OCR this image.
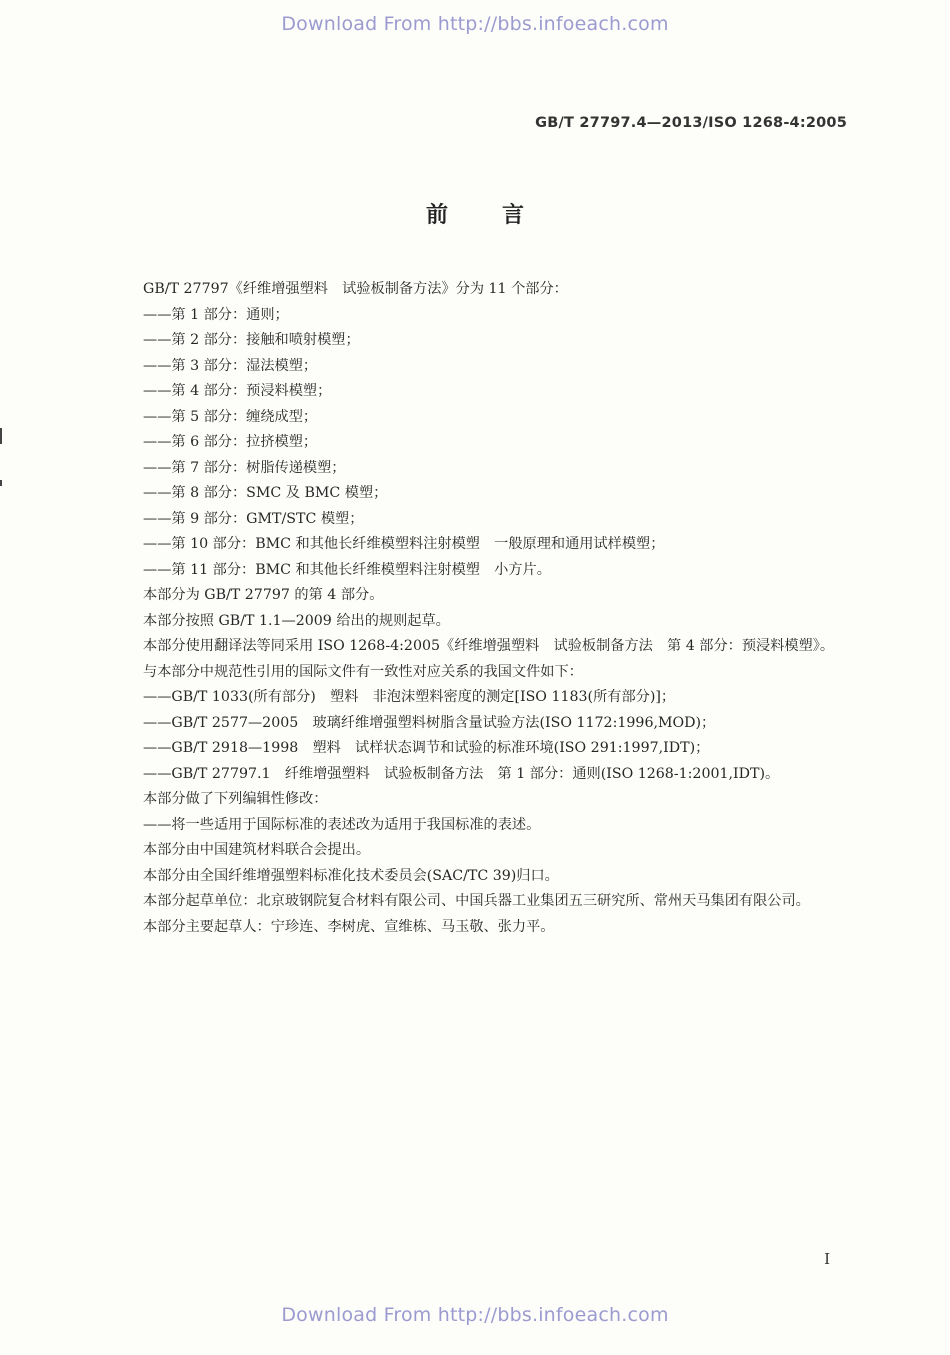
Download From http://bbs.infoeach.com
GB/T 27797.4—2013/ISO 1268-4:2005
前 言
GB/T 27797《纤维增强塑料　试验板制备方法》分为 11 个部分：
——第 1 部分：通则；
——第 2 部分：接触和喷射模塑；
——第 3 部分：湿法模塑；
——第 4 部分：预浸料模塑；
——第 5 部分：缠绕成型；
——第 6 部分：拉挤模塑；
——第 7 部分：树脂传递模塑；
——第 8 部分：SMC 及 BMC 模塑；
——第 9 部分：GMT/STC 模塑；
——第 10 部分：BMC 和其他长纤维模塑料注射模塑　一般原理和通用试样模塑；
——第 11 部分：BMC 和其他长纤维模塑料注射模塑　小方片。
本部分为 GB/T 27797 的第 4 部分。
本部分按照 GB/T 1.1—2009 给出的规则起草。
本部分使用翻译法等同采用 ISO 1268-4:2005《纤维增强塑料　试验板制备方法　第 4 部分：预浸料模塑》。
与本部分中规范性引用的国际文件有一致性对应关系的我国文件如下：
——GB/T 1033(所有部分)　塑料　非泡沫塑料密度的测定[ISO 1183(所有部分)]；
——GB/T 2577—2005　玻璃纤维增强塑料树脂含量试验方法(ISO 1172:1996,MOD)；
——GB/T 2918—1998　塑料　试样状态调节和试验的标准环境(ISO 291:1997,IDT)；
——GB/T 27797.1　纤维增强塑料　试验板制备方法　第 1 部分：通则(ISO 1268-1:2001,IDT)。
本部分做了下列编辑性修改：
——将一些适用于国际标准的表述改为适用于我国标准的表述。
本部分由中国建筑材料联合会提出。
本部分由全国纤维增强塑料标准化技术委员会(SAC/TC 39)归口。
本部分起草单位：北京玻钢院复合材料有限公司、中国兵器工业集团五三研究所、常州天马集团有限公司。
本部分主要起草人：宁珍连、李树虎、宣维栋、马玉敬、张力平。
I
Download From http://bbs.infoeach.com
